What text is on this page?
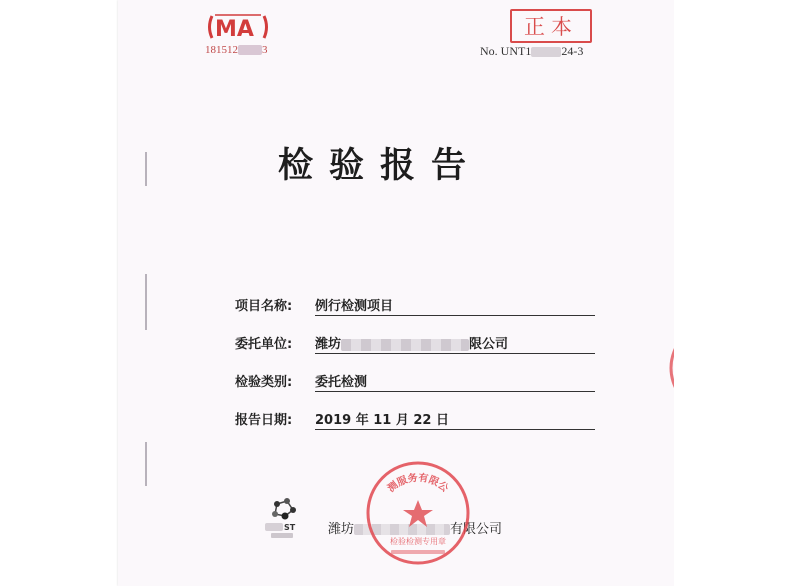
MA
181512 3
正本
No. UNT1	24-3
检验报告
项目名称: 例行检测项目
委托单位: 潍坊	限公司
检验类别: 委托检测
报告日期: 2019 年 11 月 22 日
ST	潍坊	有限公司
测服务有限公
检验检测专用章
